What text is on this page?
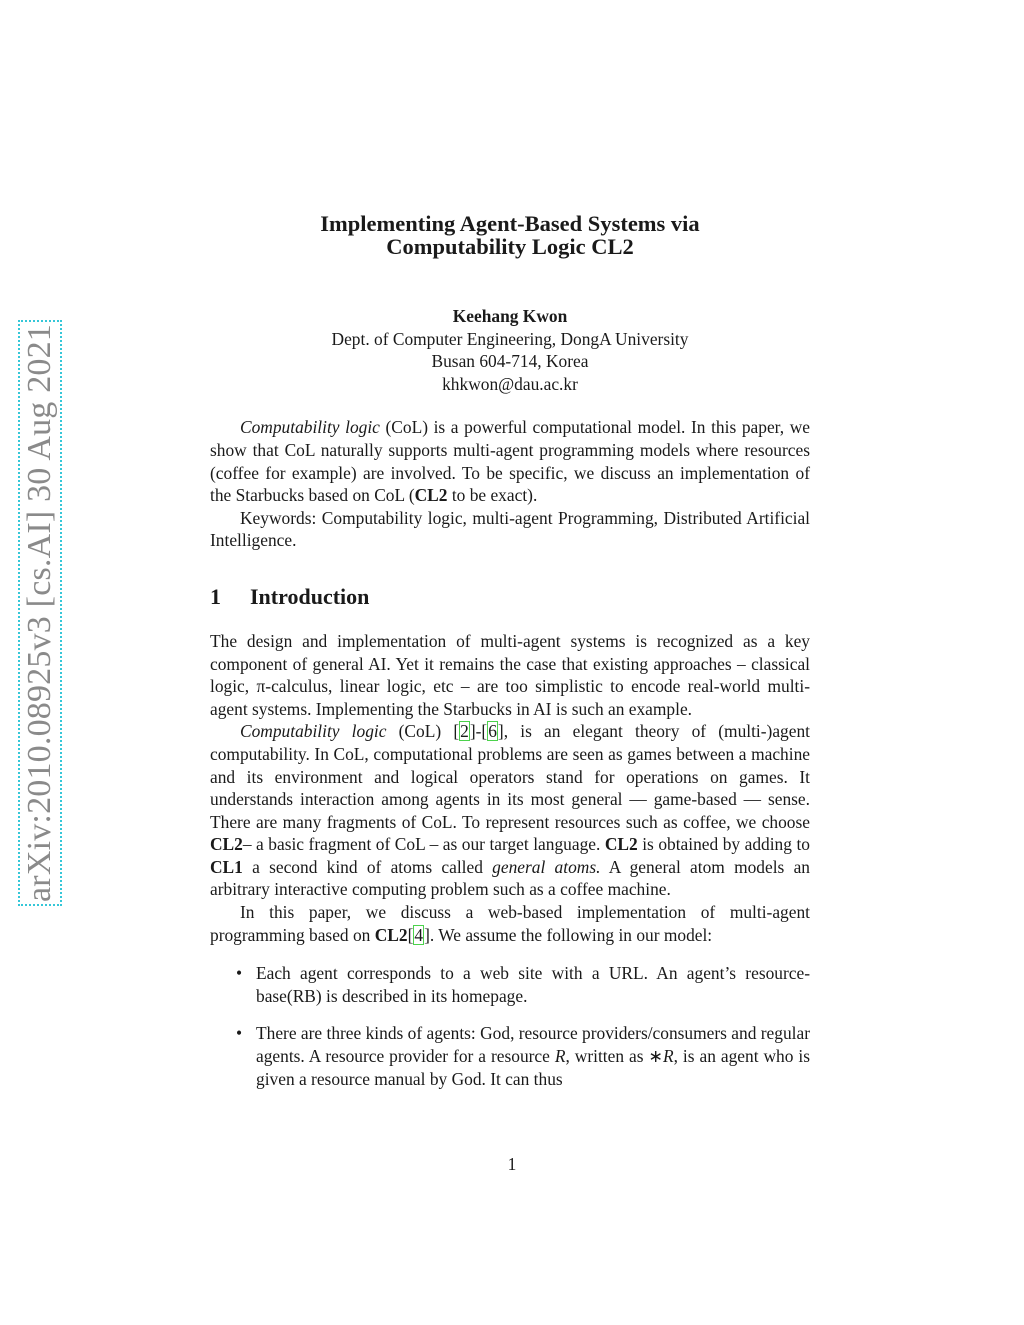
arXiv:2010.08925v3 [cs.AI] 30 Aug 2021
Implementing Agent-Based Systems via
Computability Logic CL2
Keehang Kwon
Dept. of Computer Engineering, DongA University
Busan 604-714, Korea
khkwon@dau.ac.kr

Computability logic (CoL) is a powerful computational model. In this paper, we show that CoL naturally supports multi-agent programming models where resources (coffee for example) are involved. To be specific, we discuss an implementation of the Starbucks based on CoL (CL2 to be exact).

Keywords: Computability logic, multi-agent Programming, Distributed Artificial Intelligence.

1 Introduction

The design and implementation of multi-agent systems is recognized as a key component of general AI. Yet it remains the case that existing approaches – classical logic, π-calculus, linear logic, etc – are too simplistic to encode real-world multi-agent systems. Implementing the Starbucks in AI is such an example.

Computability logic (CoL) [2]-[6], is an elegant theory of (multi-)agent computability. In CoL, computational problems are seen as games between a machine and its environment and logical operators stand for operations on games. It understands interaction among agents in its most general — game-based — sense. There are many fragments of CoL. To represent resources such as coffee, we choose CL2– a basic fragment of CoL – as our target language. CL2 is obtained by adding to CL1 a second kind of atoms called general atoms. A general atom models an arbitrary interactive computing problem such as a coffee machine.

In this paper, we discuss a web-based implementation of multi-agent programming based on CL2[4]. We assume the following in our model:

• Each agent corresponds to a web site with a URL. An agent’s resource-base(RB) is described in its homepage.
• There are three kinds of agents: God, resource providers/consumers and regular agents. A resource provider for a resource R, written as ∗R, is an agent who is given a resource manual by God. It can thus
1
